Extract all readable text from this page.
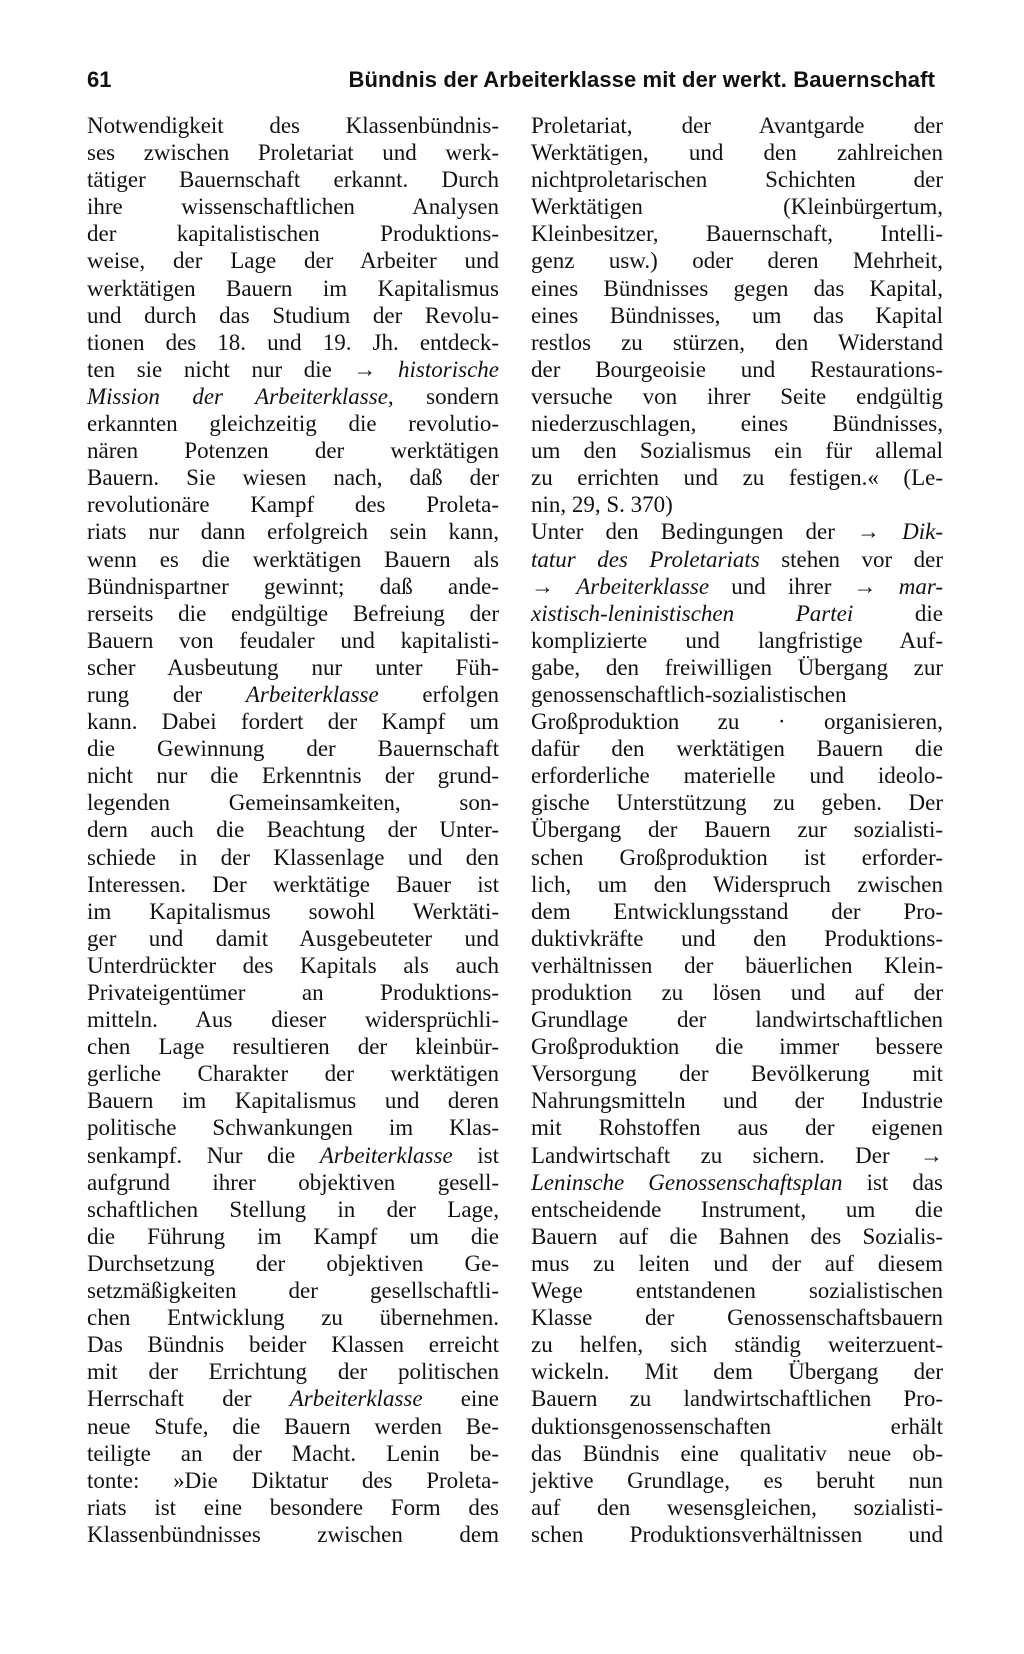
61	Bündnis der Arbeiterklasse mit der werkt. Bauernschaft
Notwendigkeit des Klassenbündnis-
ses zwischen Proletariat und werk-
tätiger Bauernschaft erkannt. Durch
ihre wissenschaftlichen Analysen
der kapitalistischen Produktions-
weise, der Lage der Arbeiter und
werktätigen Bauern im Kapitalismus
und durch das Studium der Revolu-
tionen des 18. und 19. Jh. entdeck-
ten sie nicht nur die → historische
Mission der Arbeiterklasse, sondern
erkannten gleichzeitig die revolutio-
nären Potenzen der werktätigen
Bauern. Sie wiesen nach, daß der
revolutionäre Kampf des Proleta-
riats nur dann erfolgreich sein kann,
wenn es die werktätigen Bauern als
Bündnispartner gewinnt; daß ande-
rerseits die endgültige Befreiung der
Bauern von feudaler und kapitalisti-
scher Ausbeutung nur unter Füh-
rung der Arbeiterklasse erfolgen
kann. Dabei fordert der Kampf um
die Gewinnung der Bauernschaft
nicht nur die Erkenntnis der grund-
legenden Gemeinsamkeiten, son-
dern auch die Beachtung der Unter-
schiede in der Klassenlage und den
Interessen. Der werktätige Bauer ist
im Kapitalismus sowohl Werktäti-
ger und damit Ausgebeuteter und
Unterdrückter des Kapitals als auch
Privateigentümer an Produktions-
mitteln. Aus dieser widersprüchli-
chen Lage resultieren der kleinbür-
gerliche Charakter der werktätigen
Bauern im Kapitalismus und deren
politische Schwankungen im Klas-
senkampf. Nur die Arbeiterklasse ist
aufgrund ihrer objektiven gesell-
schaftlichen Stellung in der Lage,
die Führung im Kampf um die
Durchsetzung der objektiven Ge-
setzmäßigkeiten der gesellschaftli-
chen Entwicklung zu übernehmen.
Das Bündnis beider Klassen erreicht
mit der Errichtung der politischen
Herrschaft der Arbeiterklasse eine
neue Stufe, die Bauern werden Be-
teiligte an der Macht. Lenin be-
tonte: »Die Diktatur des Proleta-
riats ist eine besondere Form des
Klassenbündnisses zwischen dem
Proletariat, der Avantgarde der
Werktätigen, und den zahlreichen
nichtproletarischen Schichten der
Werktätigen (Kleinbürgertum,
Kleinbesitzer, Bauernschaft, Intelli-
genz usw.) oder deren Mehrheit,
eines Bündnisses gegen das Kapital,
eines Bündnisses, um das Kapital
restlos zu stürzen, den Widerstand
der Bourgeoisie und Restaurations-
versuche von ihrer Seite endgültig
niederzuschlagen, eines Bündnisses,
um den Sozialismus ein für allemal
zu errichten und zu festigen.« (Le-
nin, 29, S. 370)
Unter den Bedingungen der → Dik-
tatur des Proletariats stehen vor der
→ Arbeiterklasse und ihrer → mar-
xistisch-leninistischen Partei die
komplizierte und langfristige Auf-
gabe, den freiwilligen Übergang zur
genossenschaftlich-sozialistischen
Großproduktion zu · organisieren,
dafür den werktätigen Bauern die
erforderliche materielle und ideolo-
gische Unterstützung zu geben. Der
Übergang der Bauern zur sozialisti-
schen Großproduktion ist erforder-
lich, um den Widerspruch zwischen
dem Entwicklungsstand der Pro-
duktivkräfte und den Produktions-
verhältnissen der bäuerlichen Klein-
produktion zu lösen und auf der
Grundlage der landwirtschaftlichen
Großproduktion die immer bessere
Versorgung der Bevölkerung mit
Nahrungsmitteln und der Industrie
mit Rohstoffen aus der eigenen
Landwirtschaft zu sichern. Der →
Leninsche Genossenschaftsplan ist das
entscheidende Instrument, um die
Bauern auf die Bahnen des Sozialis-
mus zu leiten und der auf diesem
Wege entstandenen sozialistischen
Klasse der Genossenschaftsbauern
zu helfen, sich ständig weiterzuent-
wickeln. Mit dem Übergang der
Bauern zu landwirtschaftlichen Pro-
duktionsgenossenschaften erhält
das Bündnis eine qualitativ neue ob-
jektive Grundlage, es beruht nun
auf den wesensgleichen, sozialisti-
schen Produktionsverhältnissen und
